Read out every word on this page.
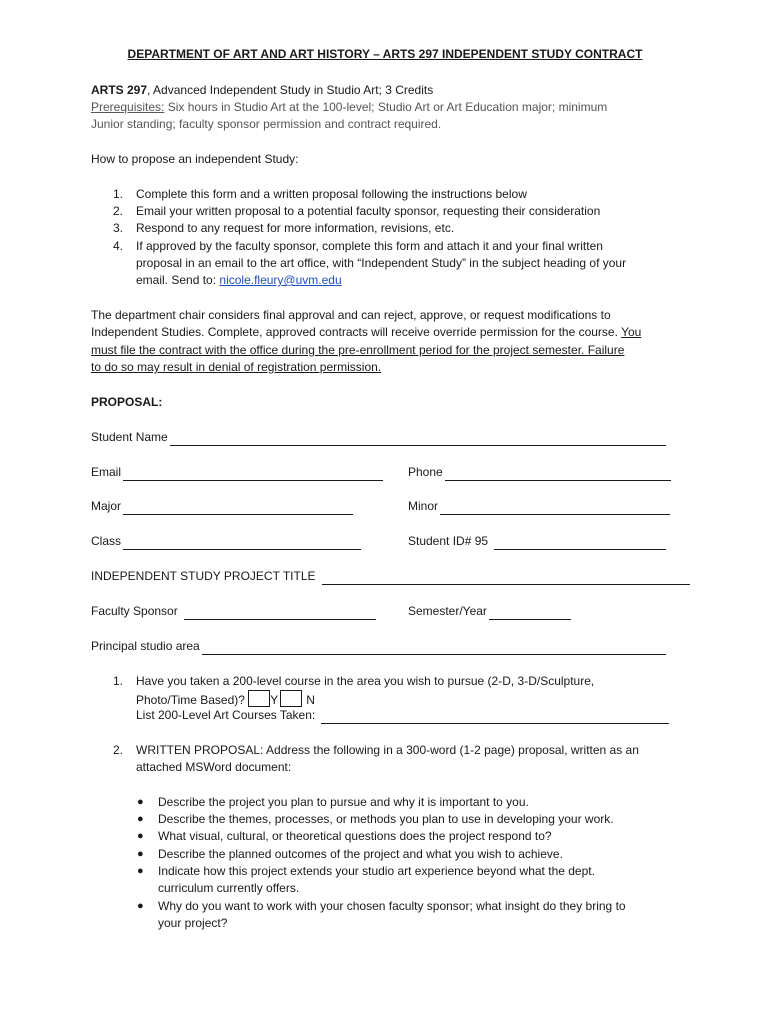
DEPARTMENT OF ART AND ART HISTORY – ARTS 297 INDEPENDENT STUDY CONTRACT
ARTS 297, Advanced Independent Study in Studio Art; 3 Credits
Prerequisites: Six hours in Studio Art at the 100-level; Studio Art or Art Education major; minimum
Junior standing; faculty sponsor permission and contract required.
How to propose an independent Study:
1. Complete this form and a written proposal following the instructions below
2. Email your written proposal to a potential faculty sponsor, requesting their consideration
3. Respond to any request for more information, revisions, etc.
4. If approved by the faculty sponsor, complete this form and attach it and your final written
proposal in an email to the art office, with “Independent Study” in the subject heading of your
email. Send to: nicole.fleury@uvm.edu
The department chair considers final approval and can reject, approve, or request modifications to
Independent Studies. Complete, approved contracts will receive override permission for the course. You
must file the contract with the office during the pre-enrollment period for the project semester. Failure
to do so may result in denial of registration permission.
PROPOSAL:
Student Name
Email	Phone
Major	Minor
Class	Student ID# 95
INDEPENDENT STUDY PROJECT TITLE
Faculty Sponsor	Semester/Year
Principal studio area
1. Have you taken a 200-level course in the area you wish to pursue (2-D, 3-D/Sculpture,
Photo/Time Based)? Y N
List 200-Level Art Courses Taken:
2. WRITTEN PROPOSAL: Address the following in a 300-word (1-2 page) proposal, written as an
attached MSWord document:
● Describe the project you plan to pursue and why it is important to you.
● Describe the themes, processes, or methods you plan to use in developing your work.
● What visual, cultural, or theoretical questions does the project respond to?
● Describe the planned outcomes of the project and what you wish to achieve.
● Indicate how this project extends your studio art experience beyond what the dept.
curriculum currently offers.
● Why do you want to work with your chosen faculty sponsor; what insight do they bring to
your project?
